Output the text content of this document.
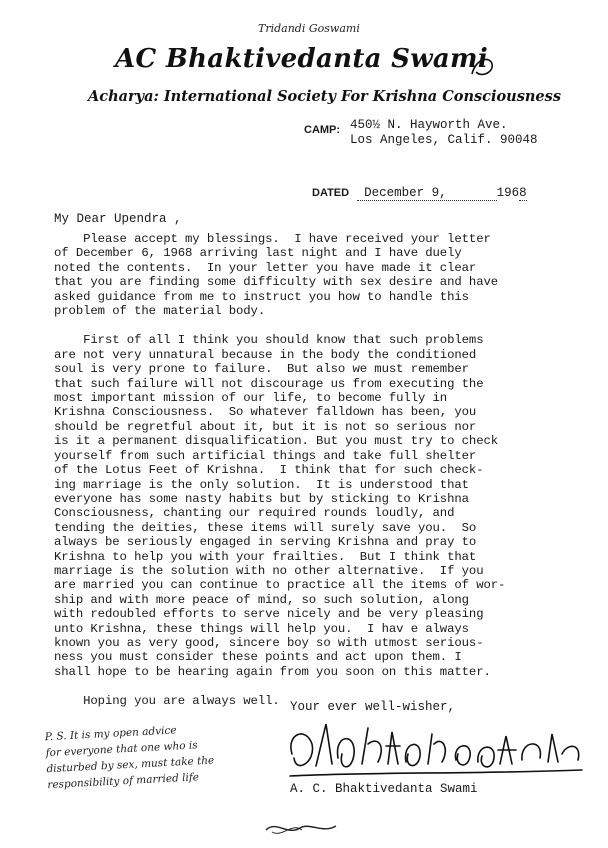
Tridandi Goswami
AC Bhaktivedanta Swami
Acharya: International Society For Krishna Consciousness
CAMP: 450½ N. Hayworth Ave.
Los Angeles, Calif. 90048
DATED December 9,	1968
My Dear Upendra ,

Please accept my blessings.  I have received your letter
of December 6, 1968 arriving last night and I have duely
noted the contents.  In your letter you have made it clear
that you are finding some difficulty with sex desire and have
asked guidance from me to instruct you how to handle this
problem of the material body.

First of all I think you should know that such problems
are not very unnatural because in the body the conditioned
soul is very prone to failure.  But also we must remember
that such failure will not discourage us from executing the
most important mission of our life, to become fully in
Krishna Consciousness.  So whatever falldown has been, you
should be regretful about it, but it is not so serious nor
is it a permanent disqualification. But you must try to check
yourself from such artificial things and take full shelter
of the Lotus Feet of Krishna.  I think that for such check-
ing marriage is the only solution.  It is understood that
everyone has some nasty habits but by sticking to Krishna
Consciousness, chanting our required rounds loudly, and
tending the deities, these items will surely save you.  So
always be seriously engaged in serving Krishna and pray to
Krishna to help you with your frailties.  But I think that
marriage is the solution with no other alternative.  If you
are married you can continue to practice all the items of wor-
ship and with more peace of mind, so such solution, along
with redoubled efforts to serve nicely and be very pleasing
unto Krishna, these things will help you.  I hav e always
known you as very good, sincere boy so with utmost serious-
ness you must consider these points and act upon them. I
shall hope to be hearing again from you soon on this matter.

Hoping you are always well. Your ever well-wisher,
A. C. Bhaktivedanta Swami
P. S. It is my open advice
for everyone that one who is
disturbed by sex, must take the
responsibility of married life
